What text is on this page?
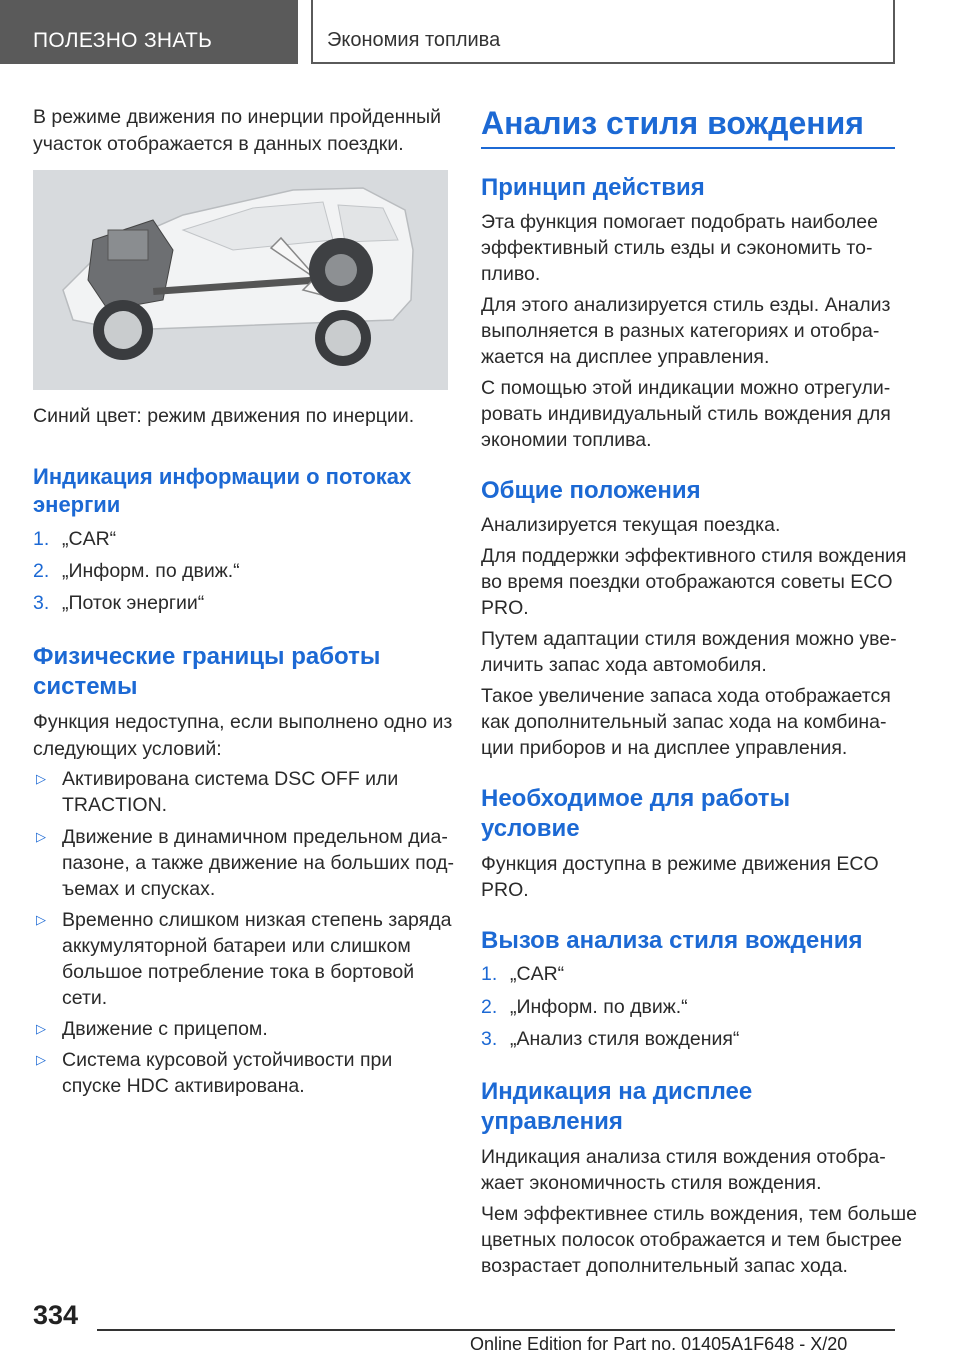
ПОЛЕЗНО ЗНАТЬ	Экономия топлива

В режиме движения по инерции пройденный

участок отображается в данных поездки.

Синий цвет: режим движения по инерции.

Индикация информации о потоках
энергии
1. „CAR“
2. „Информ. по движ.“
3. „Поток энергии“
Физические границы работы
системы

Функция недоступна, если выполнено одно из

следующих условий:

▷ Активирована система DSC OFF или

TRACTION.

▷ Движение в динамичном предельном диа-

пазоне, а также движение на больших под-

ъемах и спусках.

▷ Временно слишком низкая степень заряда

аккумуляторной батареи или слишком

большое потребление тока в бортовой

сети.

▷ Движение с прицепом.

▷ Система курсовой устойчивости при

спуске HDC активирована.

Анализ стиля вождения
Принцип действия

Эта функция помогает подобрать наиболее

эффективный стиль езды и сэкономить то-

пливо.

Для этого анализируется стиль езды. Анализ

выполняется в разных категориях и отобра-

жается на дисплее управления.

С помощью этой индикации можно отрегули-

ровать индивидуальный стиль вождения для

экономии топлива.

Общие положения

Анализируется текущая поездка.

Для поддержки эффективного стиля вождения

во время поездки отображаются советы ECO

PRO.

Путем адаптации стиля вождения можно уве-

личить запас хода автомобиля.

Такое увеличение запаса хода отображается

как дополнительный запас хода на комбина-

ции приборов и на дисплее управления.

Необходимое для работы
условие

Функция доступна в режиме движения ECO

PRO.

Вызов анализа стиля вождения
1. „CAR“
2. „Информ. по движ.“
3. „Анализ стиля вождения“
Индикация на дисплее
управления

Индикация анализа стиля вождения отобра-

жает экономичность стиля вождения.

Чем эффективнее стиль вождения, тем больше

цветных полосок отображается и тем быстрее

возрастает дополнительный запас хода.

334
Online Edition for Part no. 01405A1F648 - X/20
